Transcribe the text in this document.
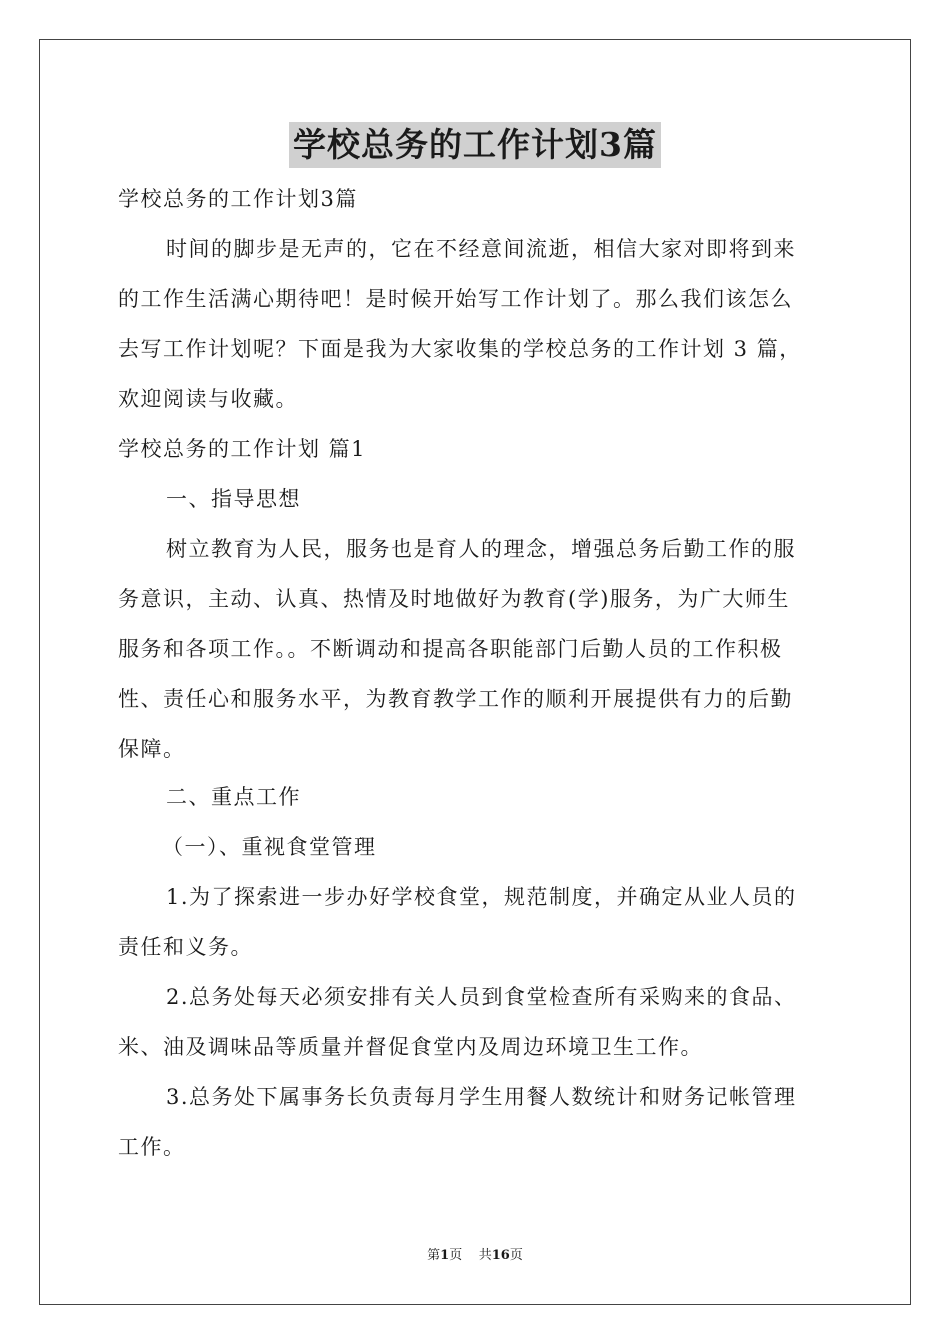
学校总务的工作计划3篇
学校总务的工作计划3篇
时间的脚步是无声的，它在不经意间流逝，相信大家对即将到来
的工作生活满心期待吧！是时候开始写工作计划了。那么我们该怎么
去写工作计划呢？下面是我为大家收集的学校总务的工作计划 3 篇，
欢迎阅读与收藏。
学校总务的工作计划 篇1
一、指导思想
树立教育为人民，服务也是育人的理念，增强总务后勤工作的服
务意识，主动、认真、热情及时地做好为教育(学)服务，为广大师生
服务和各项工作。。不断调动和提高各职能部门后勤人员的工作积极
性、责任心和服务水平，为教育教学工作的顺利开展提供有力的后勤
保障。
二、重点工作
（一）、重视食堂管理
1.为了探索进一步办好学校食堂，规范制度，并确定从业人员的
责任和义务。
2.总务处每天必须安排有关人员到食堂检查所有采购来的食品、
米、油及调味品等质量并督促食堂内及周边环境卫生工作。
3.总务处下属事务长负责每月学生用餐人数统计和财务记帐管理
工作。
第1页 共16页
